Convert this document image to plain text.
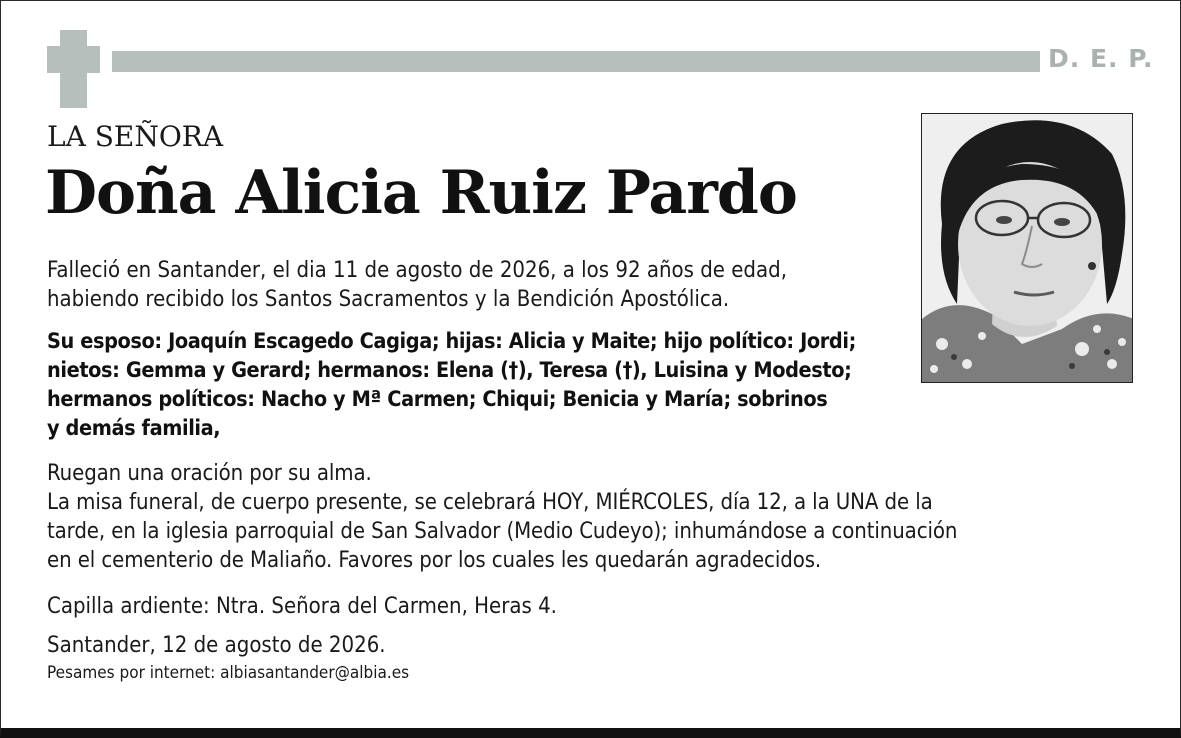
D. E. P.
LA SEÑORA
Doña Alicia Ruiz Pardo
Falleció en Santander, el dia 11 de agosto de 2026, a los 92 años de edad,
habiendo recibido los Santos Sacramentos y la Bendición Apostólica.
Su esposo: Joaquín Escagedo Cagiga; hijas: Alicia y Maite; hijo político: Jordi;
nietos: Gemma y Gerard; hermanos: Elena (†), Teresa (†), Luisina y Modesto;
hermanos políticos: Nacho y Mª Carmen; Chiqui; Benicia y María; sobrinos
y demás familia,
Ruegan una oración por su alma.
La misa funeral, de cuerpo presente, se celebrará HOY, MIÉRCOLES, día 12, a la UNA de la
tarde, en la iglesia parroquial de San Salvador (Medio Cudeyo); inhumándose a continuación
en el cementerio de Maliaño. Favores por los cuales les quedarán agradecidos.
Capilla ardiente: Ntra. Señora del Carmen, Heras 4.
Santander, 12 de agosto de 2026.
Pesames por internet: albiasantander@albia.es
